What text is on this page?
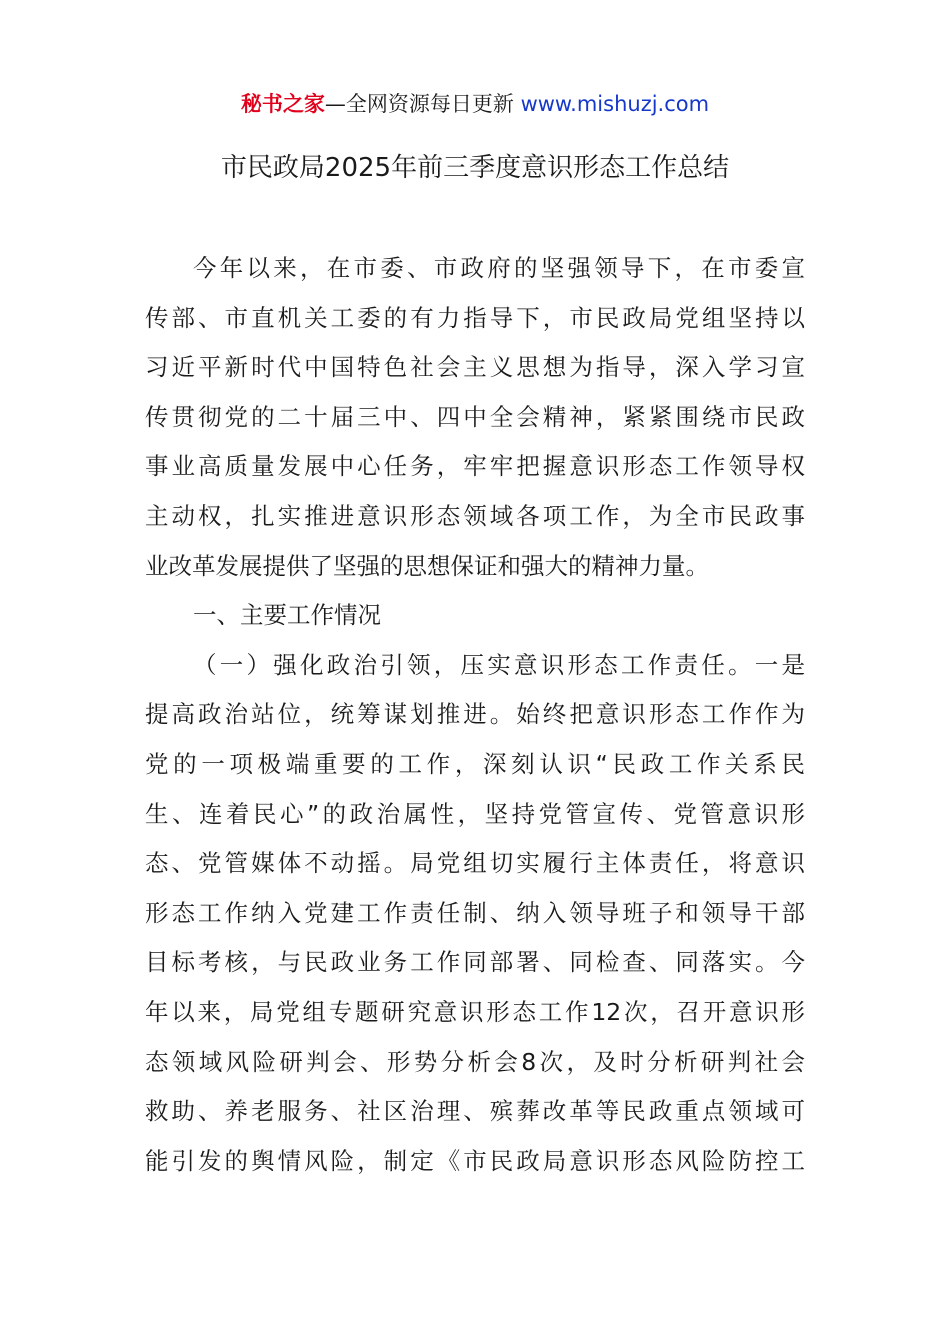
秘书之家—全网资源每日更新 www.mishuzj.com
市民政局2025年前三季度意识形态工作总结
今年以来，在市委、市政府的坚强领导下，在市委宣
传部、市直机关工委的有力指导下，市民政局党组坚持以
习近平新时代中国特色社会主义思想为指导，深入学习宣
传贯彻党的二十届三中、四中全会精神，紧紧围绕市民政
事业高质量发展中心任务，牢牢把握意识形态工作领导权
主动权，扎实推进意识形态领域各项工作，为全市民政事
业改革发展提供了坚强的思想保证和强大的精神力量。
一、主要工作情况
（一）强化政治引领，压实意识形态工作责任。一是
提高政治站位，统筹谋划推进。始终把意识形态工作作为
党的一项极端重要的工作，深刻认识“民政工作关系民
生、连着民心”的政治属性，坚持党管宣传、党管意识形
态、党管媒体不动摇。局党组切实履行主体责任，将意识
形态工作纳入党建工作责任制、纳入领导班子和领导干部
目标考核，与民政业务工作同部署、同检查、同落实。今
年以来，局党组专题研究意识形态工作12次，召开意识形
态领域风险研判会、形势分析会8次，及时分析研判社会
救助、养老服务、社区治理、殡葬改革等民政重点领域可
能引发的舆情风险，制定《市民政局意识形态风险防控工
